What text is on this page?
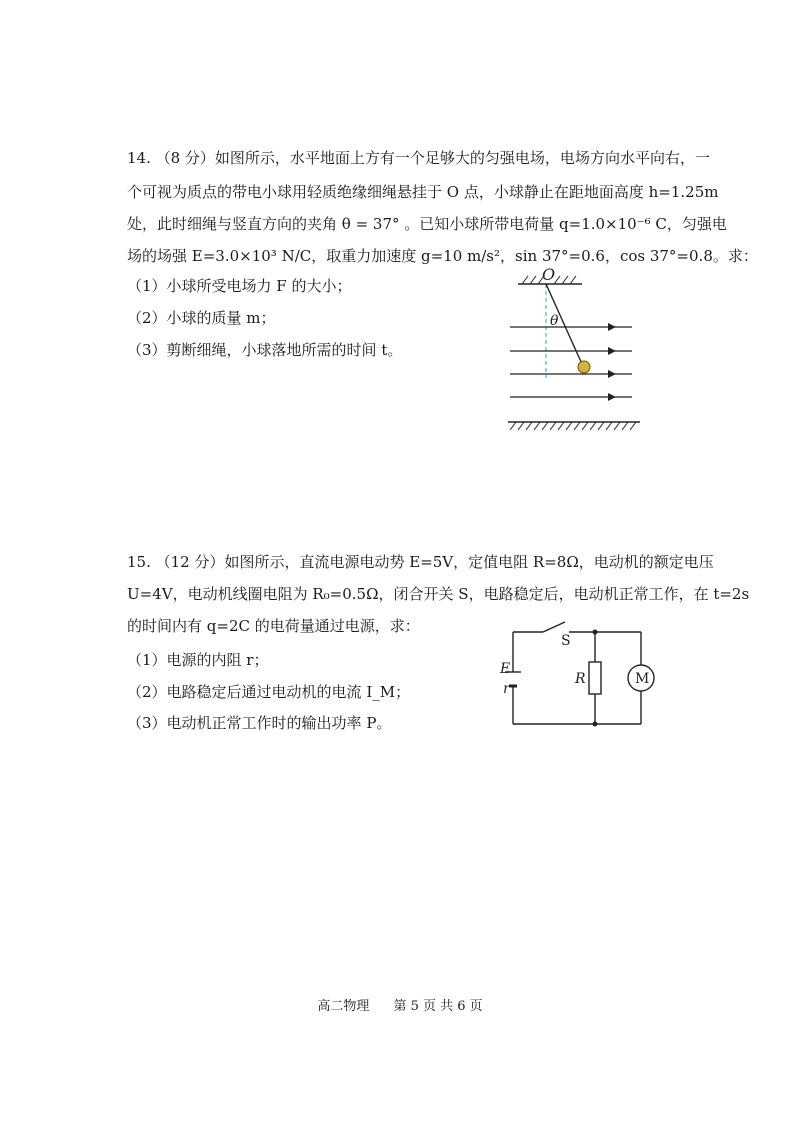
14. （8 分）如图所示，水平地面上方有一个足够大的匀强电场，电场方向水平向右，一
个可视为质点的带电小球用轻质绝缘细绳悬挂于 O 点，小球静止在距地面高度 h=1.25m
处，此时细绳与竖直方向的夹角 θ = 37° 。已知小球所带电荷量 q=1.0×10⁻⁶ C，匀强电
场的场强 E=3.0×10³ N/C，取重力加速度 g=10 m/s²，sin 37°=0.6，cos 37°=0.8。求：
（1）小球所受电场力 F 的大小；
（2）小球的质量 m；
（3）剪断细绳，小球落地所需的时间 t。
O
θ
15. （12 分）如图所示，直流电源电动势 E=5V，定值电阻 R=8Ω，电动机的额定电压
U=4V，电动机线圈电阻为 R₀=0.5Ω，闭合开关 S，电路稳定后，电动机正常工作，在 t=2s
的时间内有 q=2C 的电荷量通过电源，求：
（1）电源的内阻 r；
（2）电路稳定后通过电动机的电流 I_M；
（3）电动机正常工作时的输出功率 P。
S
E
r
R	M
高二物理 第 5 页 共 6 页
